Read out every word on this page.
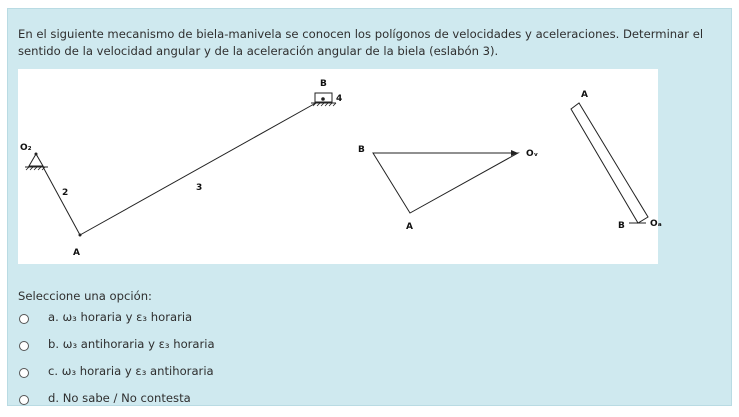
En el siguiente mecanismo de biela-manivela se conocen los polígonos de velocidades y aceleraciones. Determinar el sentido de la velocidad angular y de la aceleración angular de la biela (eslabón 3).
O₂
2
A
3
B
4
B
A
Oᵥ
A
B	Oₐ
Seleccione una opción:
a. ω₃ horaria y ε₃ horaria
b. ω₃ antihoraria y ε₃ horaria
c. ω₃ horaria y ε₃ antihoraria
d. No sabe / No contesta
